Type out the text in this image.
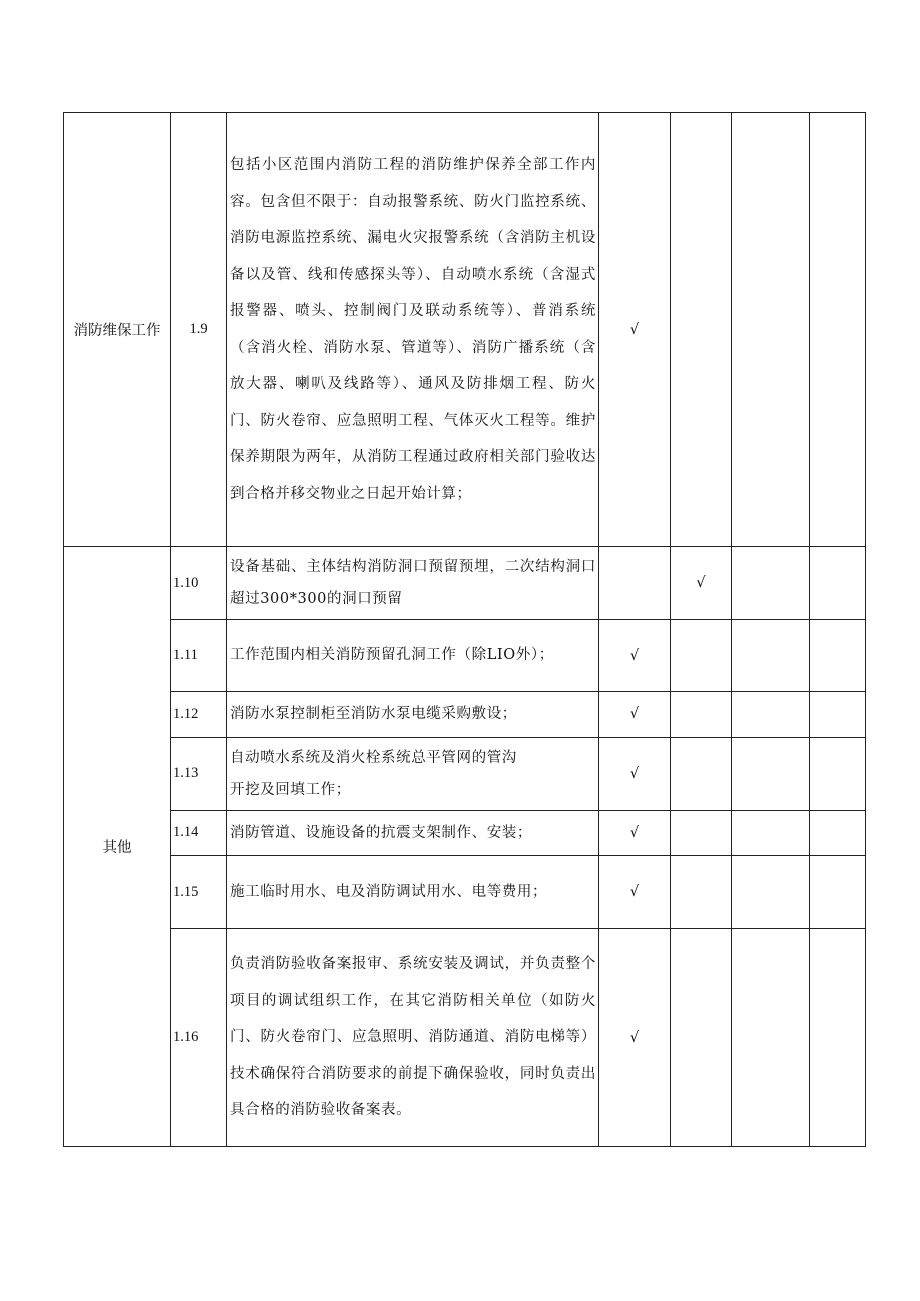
消防维保工作	1.9	包括小区范围内消防工程的消防维护保养全部工作内容。包含但不限于：自动报警系统、防火门监控系统、消防电源监控系统、漏电火灾报警系统（含消防主机设备以及管、线和传感探头等）、自动喷水系统（含湿式报警器、喷头、控制阀门及联动系统等）、普消系统（含消火栓、消防水泵、管道等）、消防广播系统（含放大器、喇叭及线路等）、通风及防排烟工程、防火门、防火卷帘、应急照明工程、气体灭火工程等。维护保养期限为两年，从消防工程通过政府相关部门验收达到合格并移交物业之日起开始计算；	√			
其他	1.10	设备基础、主体结构消防洞口预留预埋，二次结构洞口超过300*300的洞口预留		√		
	1.11	工作范围内相关消防预留孔洞工作（除LIO外）；	√			
	1.12	消防水泵控制柜至消防水泵电缆采购敷设；	√			
	1.13	自动喷水系统及消火栓系统总平管网的管沟
开挖及回填工作；	√			
	1.14	消防管道、设施设备的抗震支架制作、安装；	√			
	1.15	施工临时用水、电及消防调试用水、电等费用；	√			
	1.16	负责消防验收备案报审、系统安装及调试，并负责整个项目的调试组织工作，在其它消防相关单位（如防火门、防火卷帘门、应急照明、消防通道、消防电梯等）技术确保符合消防要求的前提下确保验收，同时负责出具合格的消防验收备案表。	√			
